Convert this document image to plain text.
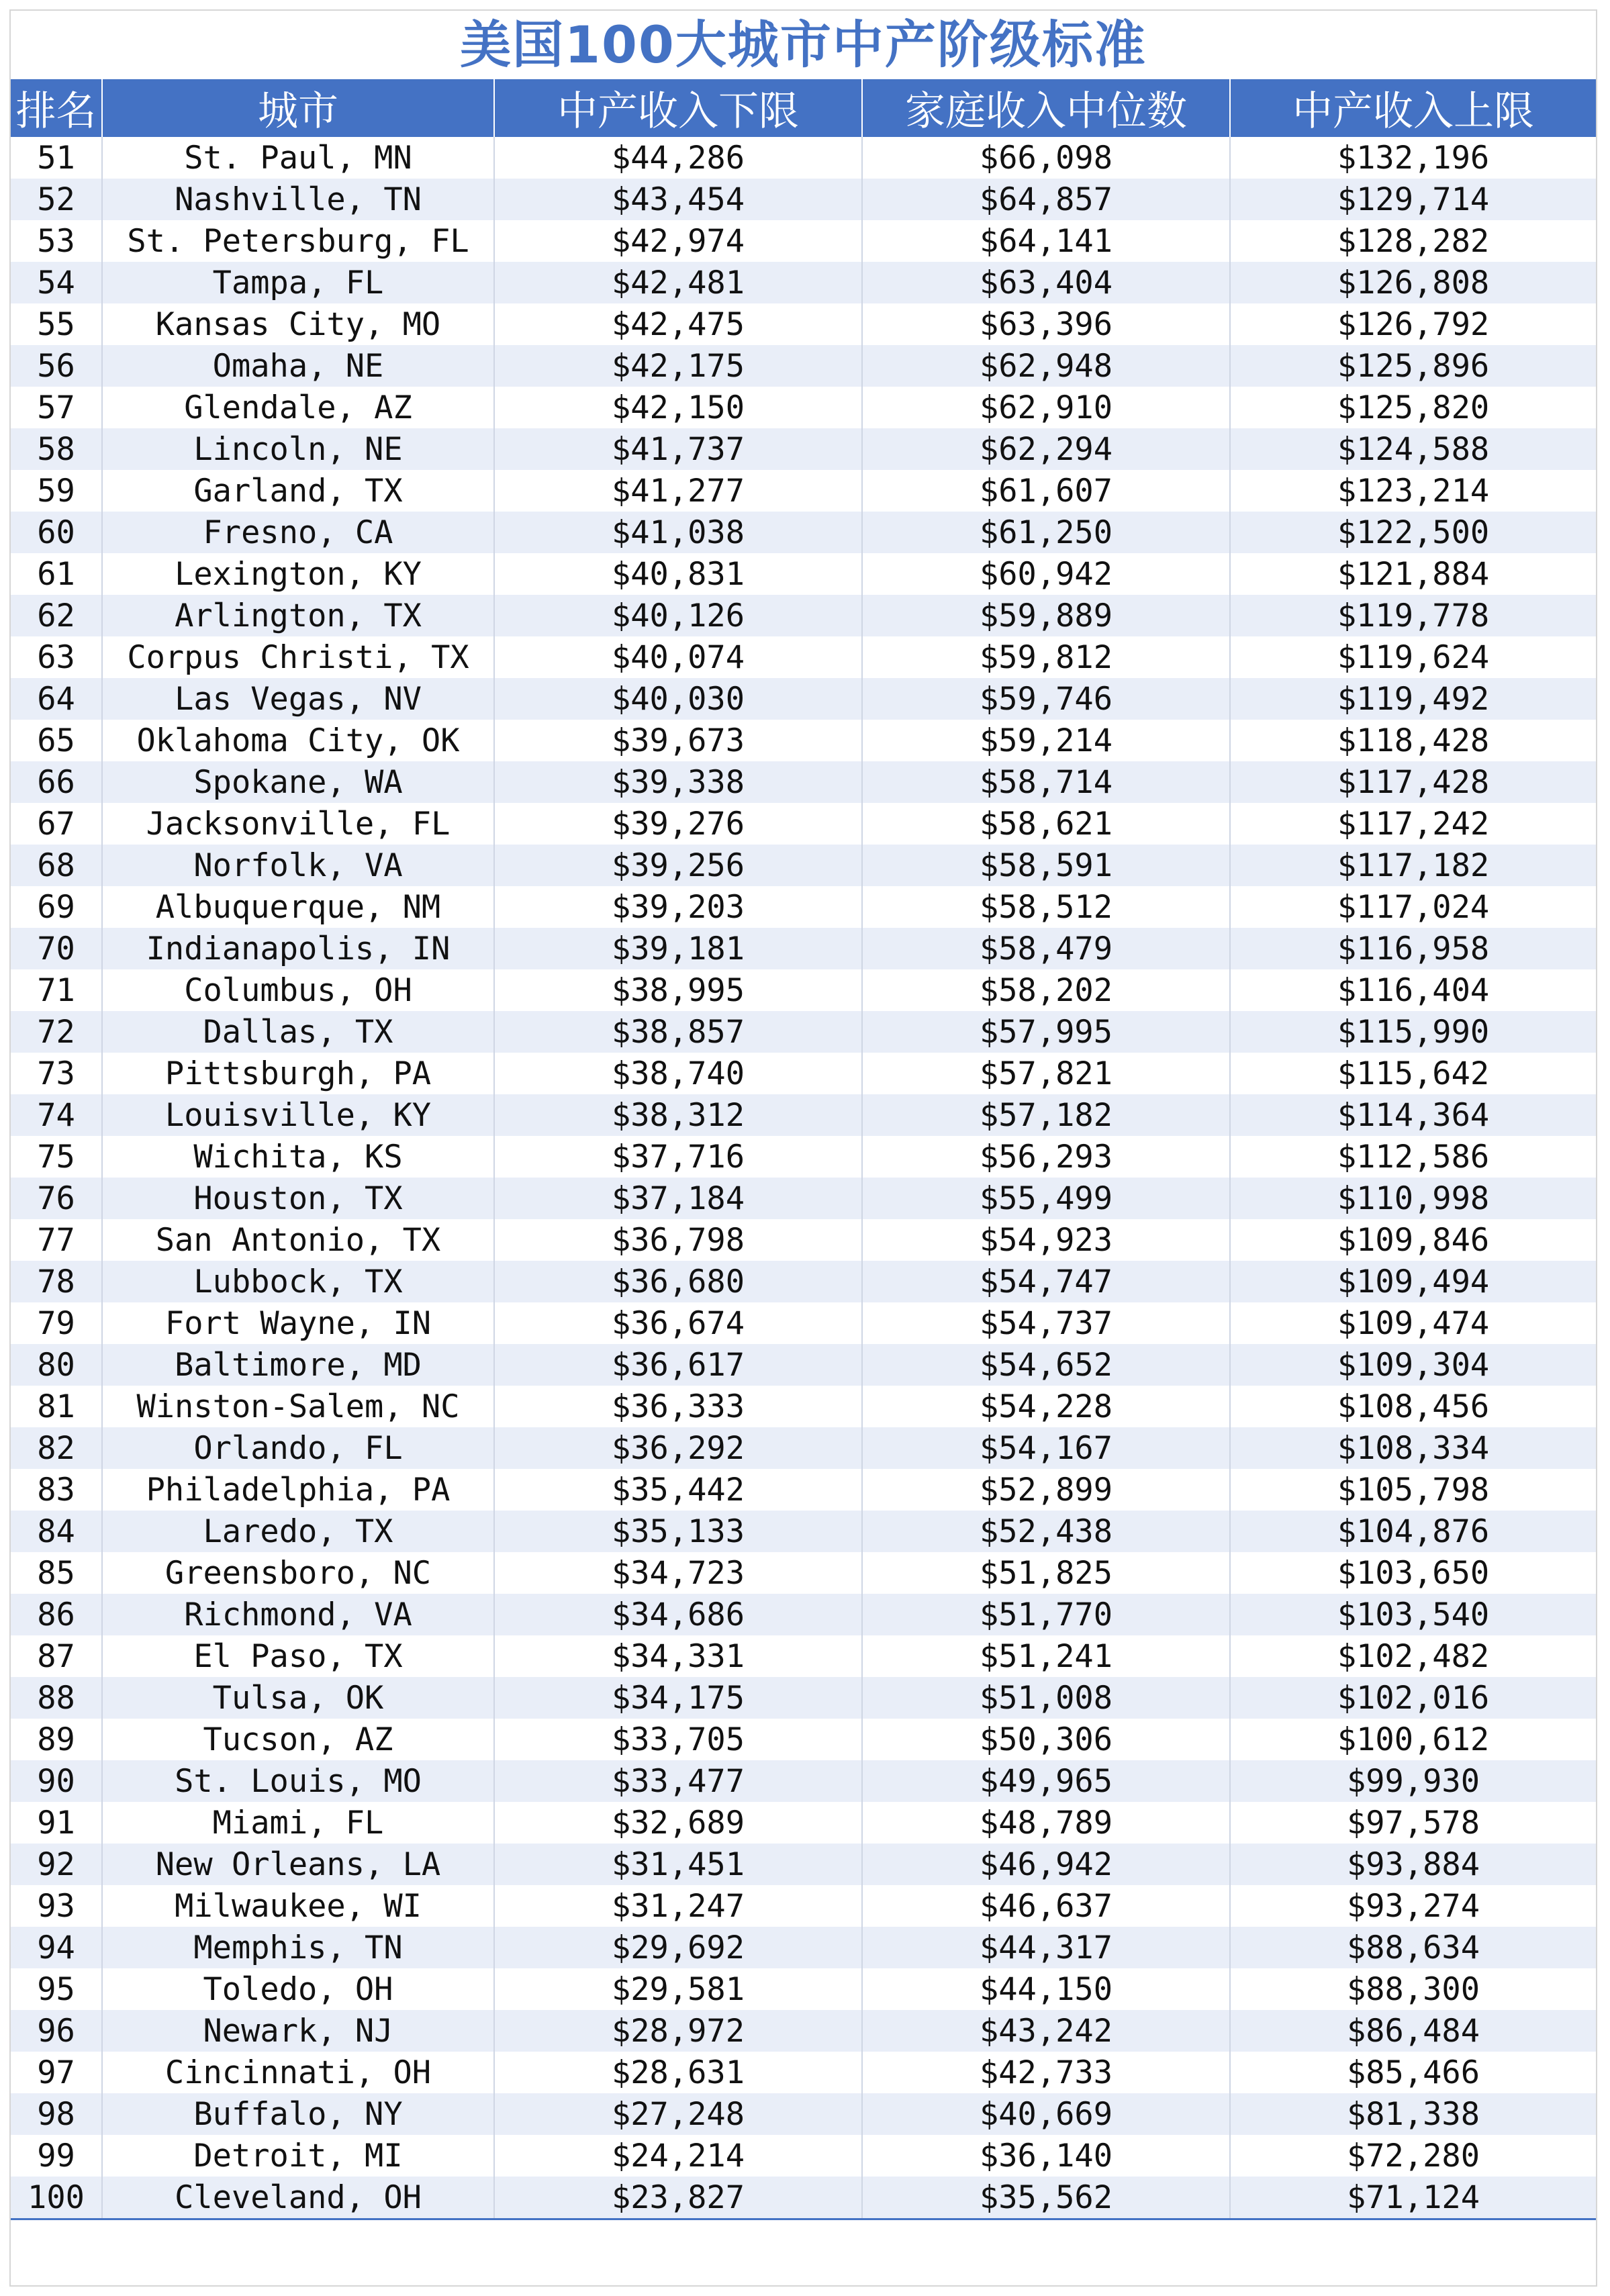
美国100大城市中产阶级标准
排名	城市	中产收入下限	家庭收入中位数	中产收入上限
51	St. Paul, MN	$44,286	$66,098	$132,196
52	Nashville, TN	$43,454	$64,857	$129,714
53	St. Petersburg, FL	$42,974	$64,141	$128,282
54	Tampa, FL	$42,481	$63,404	$126,808
55	Kansas City, MO	$42,475	$63,396	$126,792
56	Omaha, NE	$42,175	$62,948	$125,896
57	Glendale, AZ	$42,150	$62,910	$125,820
58	Lincoln, NE	$41,737	$62,294	$124,588
59	Garland, TX	$41,277	$61,607	$123,214
60	Fresno, CA	$41,038	$61,250	$122,500
61	Lexington, KY	$40,831	$60,942	$121,884
62	Arlington, TX	$40,126	$59,889	$119,778
63	Corpus Christi, TX	$40,074	$59,812	$119,624
64	Las Vegas, NV	$40,030	$59,746	$119,492
65	Oklahoma City, OK	$39,673	$59,214	$118,428
66	Spokane, WA	$39,338	$58,714	$117,428
67	Jacksonville, FL	$39,276	$58,621	$117,242
68	Norfolk, VA	$39,256	$58,591	$117,182
69	Albuquerque, NM	$39,203	$58,512	$117,024
70	Indianapolis, IN	$39,181	$58,479	$116,958
71	Columbus, OH	$38,995	$58,202	$116,404
72	Dallas, TX	$38,857	$57,995	$115,990
73	Pittsburgh, PA	$38,740	$57,821	$115,642
74	Louisville, KY	$38,312	$57,182	$114,364
75	Wichita, KS	$37,716	$56,293	$112,586
76	Houston, TX	$37,184	$55,499	$110,998
77	San Antonio, TX	$36,798	$54,923	$109,846
78	Lubbock, TX	$36,680	$54,747	$109,494
79	Fort Wayne, IN	$36,674	$54,737	$109,474
80	Baltimore, MD	$36,617	$54,652	$109,304
81	Winston-Salem, NC	$36,333	$54,228	$108,456
82	Orlando, FL	$36,292	$54,167	$108,334
83	Philadelphia, PA	$35,442	$52,899	$105,798
84	Laredo, TX	$35,133	$52,438	$104,876
85	Greensboro, NC	$34,723	$51,825	$103,650
86	Richmond, VA	$34,686	$51,770	$103,540
87	El Paso, TX	$34,331	$51,241	$102,482
88	Tulsa, OK	$34,175	$51,008	$102,016
89	Tucson, AZ	$33,705	$50,306	$100,612
90	St. Louis, MO	$33,477	$49,965	$99,930
91	Miami, FL	$32,689	$48,789	$97,578
92	New Orleans, LA	$31,451	$46,942	$93,884
93	Milwaukee, WI	$31,247	$46,637	$93,274
94	Memphis, TN	$29,692	$44,317	$88,634
95	Toledo, OH	$29,581	$44,150	$88,300
96	Newark, NJ	$28,972	$43,242	$86,484
97	Cincinnati, OH	$28,631	$42,733	$85,466
98	Buffalo, NY	$27,248	$40,669	$81,338
99	Detroit, MI	$24,214	$36,140	$72,280
100	Cleveland, OH	$23,827	$35,562	$71,124
